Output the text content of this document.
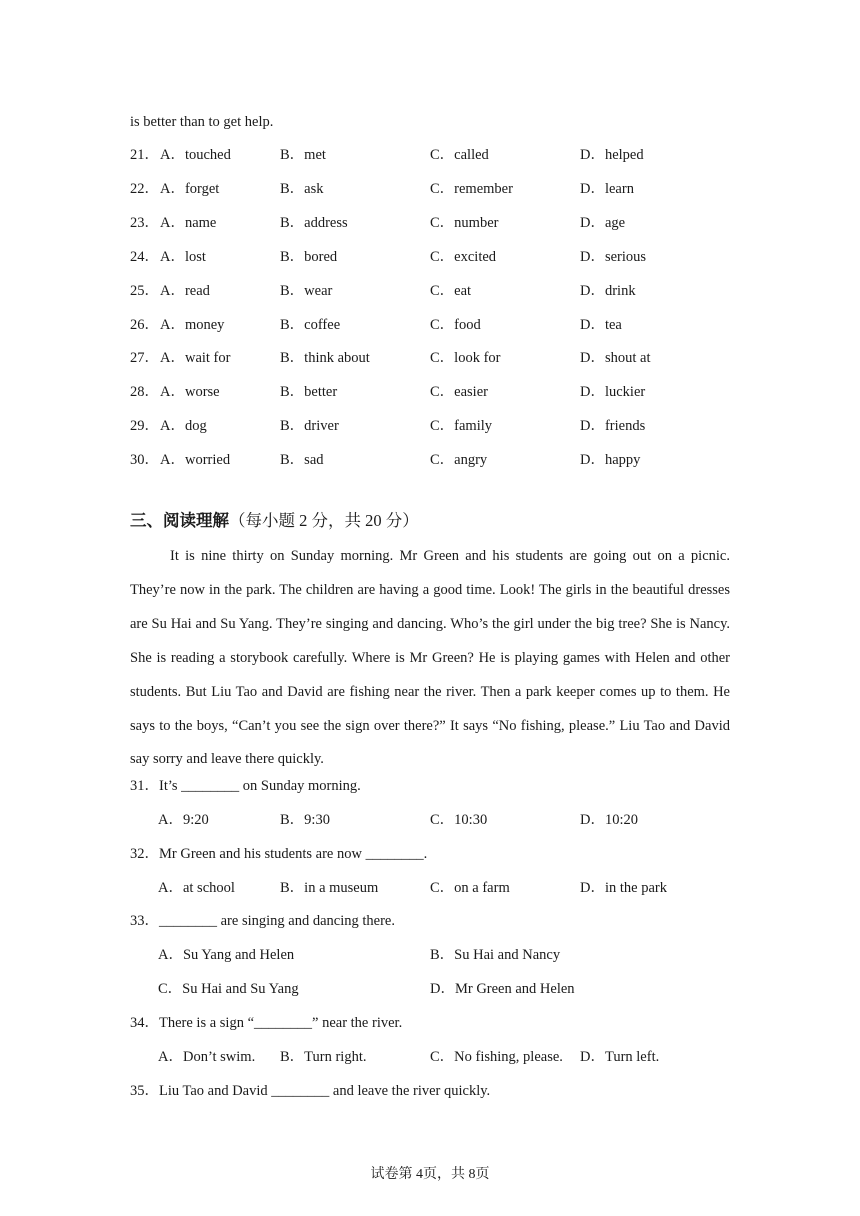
is better than to get help.
21． A．touched	B．met	C．called	D．helped
22． A．forget	B．ask	C．remember	D．learn
23． A．name	B．address	C．number	D．age
24． A．lost	B．bored	C．excited	D．serious
25． A．read	B．wear	C．eat	D．drink
26． A．money	B．coffee	C．food	D．tea
27． A．wait for	B．think about	C．look for	D．shout at
28． A．worse	B．better	C．easier	D．luckier
29． A．dog	B．driver	C．family	D．friends
30． A．worried	B．sad	C．angry	D．happy
三、阅读理解（每小题 2 分，共 20 分）
It is nine thirty on Sunday morning. Mr Green and his students are going out on a picnic. They’re now in the park. The children are having a good time. Look! The girls in the beautiful dresses are Su Hai and Su Yang. They’re singing and dancing. Who’s the girl under the big tree? She is Nancy. She is reading a storybook carefully. Where is Mr Green? He is playing games with Helen and other students. But Liu Tao and David are fishing near the river. Then a park keeper comes up to them. He says to the boys, “Can’t you see the sign over there?” It says “No fishing, please.” Liu Tao and David say sorry and leave there quickly.
31．It’s ________ on Sunday morning.
A．9:20	B．9:30	C．10:30	D．10:20
32．Mr Green and his students are now ________.
A．at school	B．in a museum	C．on a farm	D．in the park
33．________ are singing and dancing there.
A．Su Yang and Helen	B．Su Hai and Nancy
C．Su Hai and Su Yang	D．Mr Green and Helen
34．There is a sign “________” near the river.
A．Don’t swim. B．Turn right.	C．No fishing, please. D．Turn left.
35．Liu Tao and David ________ and leave the river quickly.
试卷第 4页，共 8页
